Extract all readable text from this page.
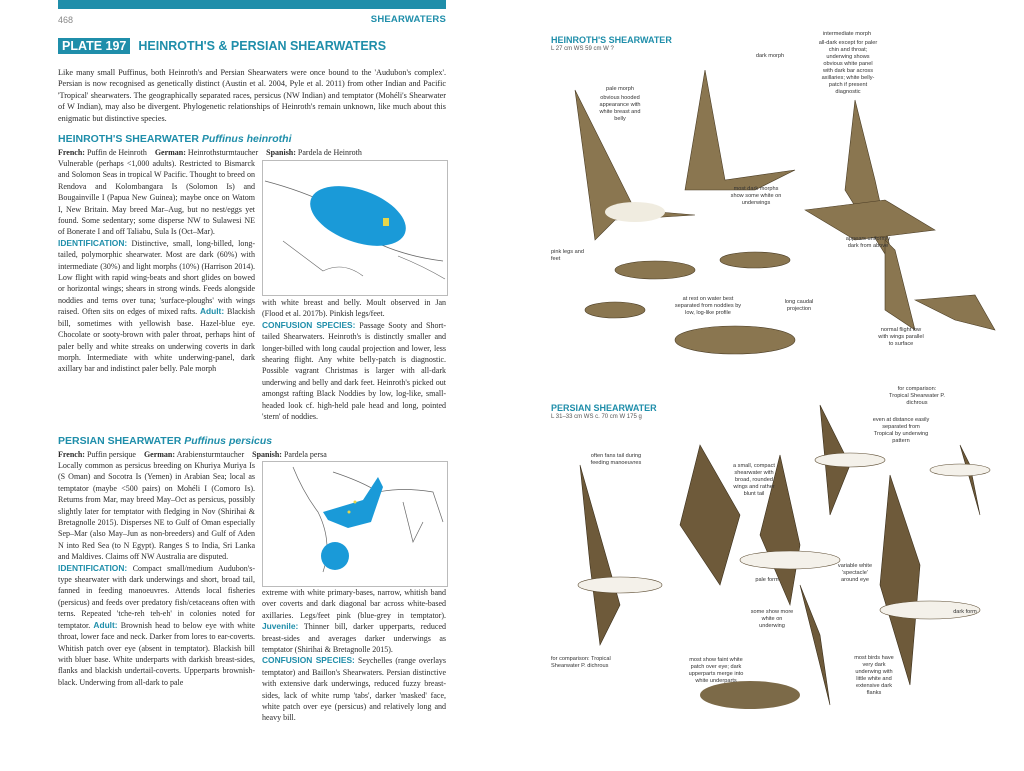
468	SHEARWATERS
PLATE 197 HEINROTH'S & PERSIAN SHEARWATERS
Like many small Puffinus, both Heinroth's and Persian Shearwaters were once bound to the 'Audubon's complex'. Persian is now recognised as genetically distinct (Austin et al. 2004, Pyle et al. 2011) from other Indian and Pacific 'Tropical' shearwaters. The geographically separated races, persicus (NW Indian) and temptator (Mohéli's Shearwater of W Indian), may also be divergent. Phylogenetic relationships of Heinroth's remain unknown, like much about this enigmatic but distinctive species.
HEINROTH'S SHEARWATER Puffinus heinrothi
French: Puffin de Heinroth German: Heinrothsturmtaucher Spanish: Pardela de Heinroth
Vulnerable (perhaps <1,000 adults). Restricted to Bismarck and Solomon Seas in tropical W Pacific. Thought to breed on Rendova and Kolombangara Is (Solomon Is) and Bougainville I (Papua New Guinea); maybe once on Watom I, New Britain. May breed Mar–Aug, but no nest/eggs yet found. Some sedentary; some disperse NW to Sulawesi NE of Bonerate I and off Taliabu, Sula Is (Oct–Mar).
IDENTIFICATION: Distinctive, small, long-billed, long-tailed, polymorphic shearwater. Most are dark (60%) with intermediate (30%) and light morphs (10%) (Harrison 2014). Low flight with rapid wing-beats and short glides on bowed or horizontal wings; shears in strong winds. Feeds alongside noddies and terns over tuna; 'surface-ploughs' with wings raised. Often sits on edges of mixed rafts. Adult: Blackish bill, sometimes with yellowish base. Hazel-blue eye. Chocolate or sooty-brown with paler throat, perhaps hint of paler belly and white streaks on underwing coverts in dark morph. Intermediate with white underwing-panel, dark axillary bar and indistinct paler belly. Pale morph
with white breast and belly. Moult observed in Jan (Flood et al. 2017b). Pinkish legs/feet.
CONFUSION SPECIES: Passage Sooty and Short-tailed Shearwaters. Heinroth's is distinctly smaller and longer-billed with long caudal projection and lower, less shearing flight. Any white belly-patch is diagnostic. Possible vagrant Christmas is larger with all-dark underwing and belly and dark feet. Heinroth's picked out amongst rafting Black Noddies by low, log-like, small-headed look cf. high-held pale head and long, pointed 'stern' of noddies.
PERSIAN SHEARWATER Puffinus persicus
French: Puffin persique German: Arabiensturmtaucher Spanish: Pardela persa
Locally common as persicus breeding on Khuriya Muriya Is (S Oman) and Socotra Is (Yemen) in Arabian Sea; local as temptator (maybe <500 pairs) on Mohéli I (Comoro Is). Returns from Mar, may breed May–Oct as persicus, possibly slightly later for temptator with fledging in Nov (Shirihai & Bretagnolle 2015). Disperses NE to Gulf of Oman especially Sep–Mar (also May–Jun as non-breeders) and Gulf of Aden N into Red Sea (to N Egypt). Ranges S to India, Sri Lanka and Maldives. Claims off NW Australia are disputed.
IDENTIFICATION: Compact small/medium Audubon's-type shearwater with dark underwings and short, broad tail, fanned in feeding manoeuvres. Attends local fisheries (persicus) and feeds over predatory fish/cetaceans often with terns. Repeated 'tche-reh teh-eh' in colonies noted for temptator. Adult: Brownish head to below eye with white throat, lower face and neck. Darker from lores to ear-coverts. Whitish patch over eye (absent in temptator). Blackish bill with bluer base. White underparts with darkish breast-sides, flanks and blackish undertail-coverts. Upperparts brownish-black. Underwing from all-dark to pale
extreme with white primary-bases, narrow, whitish band over coverts and dark diagonal bar across white-based axillaries. Legs/feet pink (blue-grey in temptator). Juvenile: Thinner bill, darker upperparts, reduced breast-sides and averages darker underwings as temptator (Shirihai & Bretagnolle 2015).
CONFUSION SPECIES: Seychelles (range overlays temptator) and Baillon's Shearwaters. Persian distinctive with extensive dark underwings, reduced fuzzy breast-sides, lack of white rump 'tabs', darker 'masked' face, white patch over eye (persicus) and relatively long and heavy bill.
HEINROTH'S SHEARWATER
L 27 cm WS 59 cm W ?
pale morph
obvious hooded appearance with white breast and belly
dark morph
intermediate morph
all-dark except for paler chin and throat; underwing shows obvious white panel with dark bar across axillaries; white belly-patch if present diagnostic
most dark morphs show some white on underwings
pink legs and feet
appears uniformly dark from above
at rest on water best separated from noddies by low, log-like profile
long caudal projection
normal flight low with wings parallel to surface
PERSIAN SHEARWATER
L 31–33 cm WS c. 70 cm W 175 g
often fans tail during feeding manoeuvres	a small, compact shearwater with broad, rounded wings and rather blunt tail
for comparison: Tropical Shearwater P. dichrous
even at distance easily separated from Tropical by underwing pattern
pale form
variable white 'spectacle' around eye
some show more white on underwing
dark form
for comparison: Tropical Shearwater P. dichrous
most show faint white patch over eye; dark upperparts merge into white underparts
most birds have very dark underwing with little white and extensive dark flanks
